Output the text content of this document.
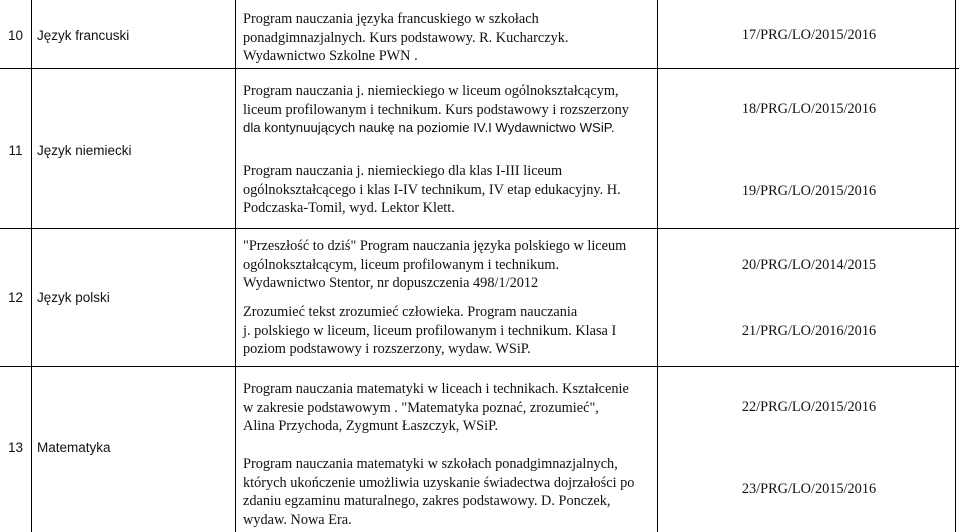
10	Język francuski
Program nauczania języka francuskiego w szkołach
ponadgimnazjalnych. Kurs podstawowy. R. Kucharczyk.
Wydawnictwo Szkolne PWN .
17/PRG/LO/2015/2016
11	Język niemiecki
Program nauczania j. niemieckiego w liceum ogólnokształcącym,
liceum profilowanym i technikum. Kurs podstawowy i rozszerzony
dla kontynuujących naukę na poziomie IV.I Wydawnictwo WSiP.
18/PRG/LO/2015/2016
Program nauczania j. niemieckiego dla klas I-III liceum
ogólnokształcącego i klas I-IV technikum, IV etap edukacyjny. H.
Podczaska-Tomil, wyd. Lektor Klett.
19/PRG/LO/2015/2016
12	Język polski
"Przeszłość to dziś" Program nauczania języka polskiego w liceum
ogólnokształcącym, liceum profilowanym i technikum.
Wydawnictwo Stentor, nr dopuszczenia 498/1/2012
20/PRG/LO/2014/2015
Zrozumieć tekst zrozumieć człowieka. Program nauczania
j. polskiego w liceum, liceum profilowanym i technikum. Klasa I
poziom podstawowy i rozszerzony, wydaw. WSiP.
21/PRG/LO/2016/2016
13	Matematyka
Program nauczania matematyki w liceach i technikach. Kształcenie
w zakresie podstawowym . "Matematyka poznać, zrozumieć",
Alina Przychoda, Zygmunt Łaszczyk, WSiP.
22/PRG/LO/2015/2016
Program nauczania matematyki w szkołach ponadgimnazjalnych,
których ukończenie umożliwia uzyskanie świadectwa dojrzałości po
zdaniu egzaminu maturalnego, zakres podstawowy. D. Ponczek,
wydaw. Nowa Era.
23/PRG/LO/2015/2016
